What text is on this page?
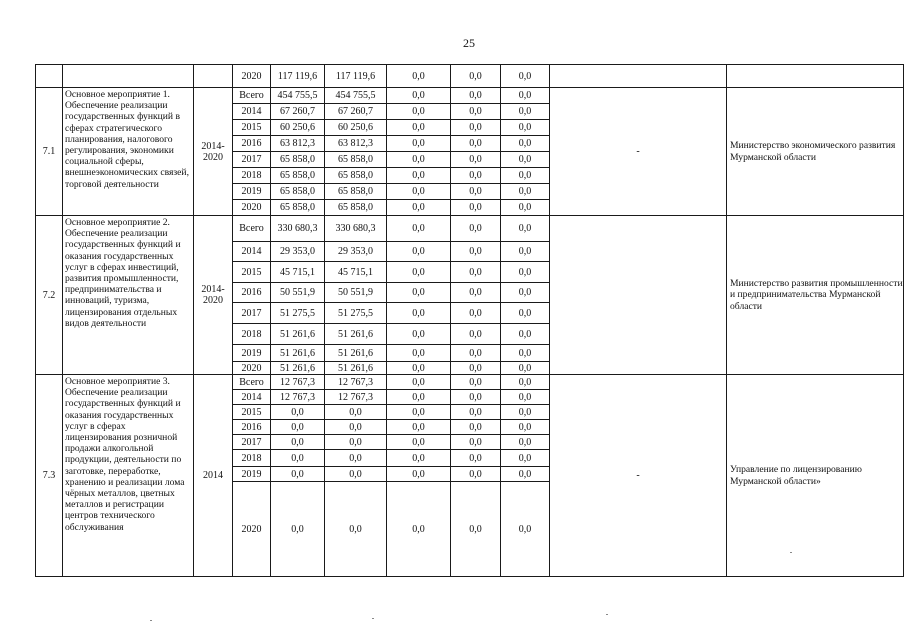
25
			2020	117 119,6	117 119,6	0,0	0,0	0,0		
7.1	Основное мероприятие 1. Обеспечение реализации государственных функций в сферах стратегического планирования, налогового регулирования, экономики социальной сферы, внешнеэкономических связей, торговой деятельности	2014-2020	Всего	454 755,5	454 755,5	0,0	0,0	0,0	-	Министерство экономического развития Мурманской области
			2014	67 260,7	67 260,7	0,0	0,0	0,0		
			2015	60 250,6	60 250,6	0,0	0,0	0,0		
			2016	63 812,3	63 812,3	0,0	0,0	0,0		
			2017	65 858,0	65 858,0	0,0	0,0	0,0		
			2018	65 858,0	65 858,0	0,0	0,0	0,0		
			2019	65 858,0	65 858,0	0,0	0,0	0,0		
			2020	65 858,0	65 858,0	0,0	0,0	0,0		
7.2	Основное мероприятие 2. Обеспечение реализации государственных функций и оказания государственных услуг в сферах инвестиций, развития промышленности, предпринимательства и инноваций, туризма, лицензирования отдельных видов деятельности	2014-2020	Всего	330 680,3	330 680,3	0,0	0,0	0,0		Министерство развития промышленности и предпринимательства Мурманской области
			2014	29 353,0	29 353,0	0,0	0,0	0,0		
			2015	45 715,1	45 715,1	0,0	0,0	0,0		
			2016	50 551,9	50 551,9	0,0	0,0	0,0		
			2017	51 275,5	51 275,5	0,0	0,0	0,0		
			2018	51 261,6	51 261,6	0,0	0,0	0,0		
			2019	51 261,6	51 261,6	0,0	0,0	0,0		
			2020	51 261,6	51 261,6	0,0	0,0	0,0		
7.3	Основное мероприятие 3. Обеспечение реализации государственных функций и оказания государственных услуг в сферах лицензирования розничной продажи алкогольной продукции, деятельности по заготовке, переработке, хранению и реализации лома чёрных металлов, цветных металлов и регистрации центров технического обслуживания	2014	Всего	12 767,3	12 767,3	0,0	0,0	0,0	-	Управление по лицензированию Мурманской области»
			2014	12 767,3	12 767,3	0,0	0,0	0,0		
			2015	0,0	0,0	0,0	0,0	0,0		
			2016	0,0	0,0	0,0	0,0	0,0		
			2017	0,0	0,0	0,0	0,0	0,0		
			2018	0,0	0,0	0,0	0,0	0,0		
			2019	0,0	0,0	0,0	0,0	0,0		
			2020	0,0	0,0	0,0	0,0	0,0		
